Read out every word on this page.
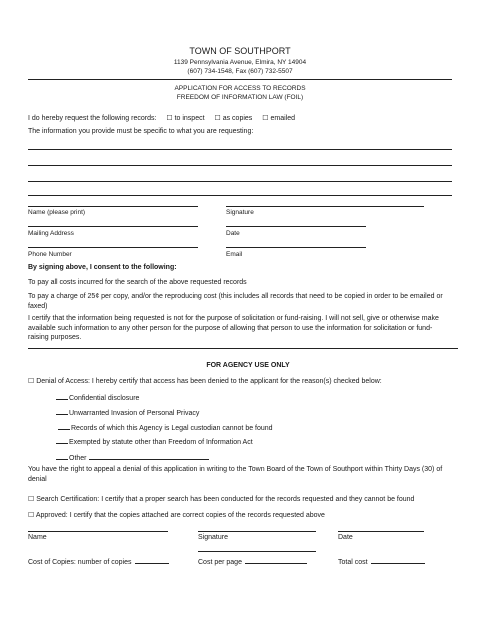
TOWN OF SOUTHPORT
1139 Pennsylvania Avenue, Elmira, NY 14904
(607) 734-1548, Fax (607) 732-5507
APPLICATION FOR ACCESS TO RECORDS
FREEDOM OF INFORMATION LAW (FOIL)
I do hereby request the following records: ☐ to inspect ☐ as copies ☐ emailed
The information you provide must be specific to what you are requesting:
Name (please print)	Signature
Mailing Address	Date
Phone Number	Email
By signing above, I consent to the following:
To pay all costs incurred for the search of the above requested records
To pay a charge of 25¢ per copy, and/or the reproducing cost (this includes all records that need to be copied in order to be emailed or faxed)
I certify that the information being requested is not for the purpose of solicitation or fund-raising. I will not sell, give or otherwise make available such information to any other person for the purpose of allowing that person to use the information for solicitation or fund-raising purposes.
FOR AGENCY USE ONLY
☐ Denial of Access: I hereby certify that access has been denied to the applicant for the reason(s) checked below:
Confidential disclosure
Unwarranted Invasion of Personal Privacy
Records of which this Agency is Legal custodian cannot be found
Exempted by statute other than Freedom of Information Act
Other
You have the right to appeal a denial of this application in writing to the Town Board of the Town of Southport within Thirty Days (30) of denial
☐ Search Certification: I certify that a proper search has been conducted for the records requested and they cannot be found
☐ Approved: I certify that the copies attached are correct copies of the records requested above
Name	Signature	Date
Cost of Copies: number of copies	Cost per page	Total cost
